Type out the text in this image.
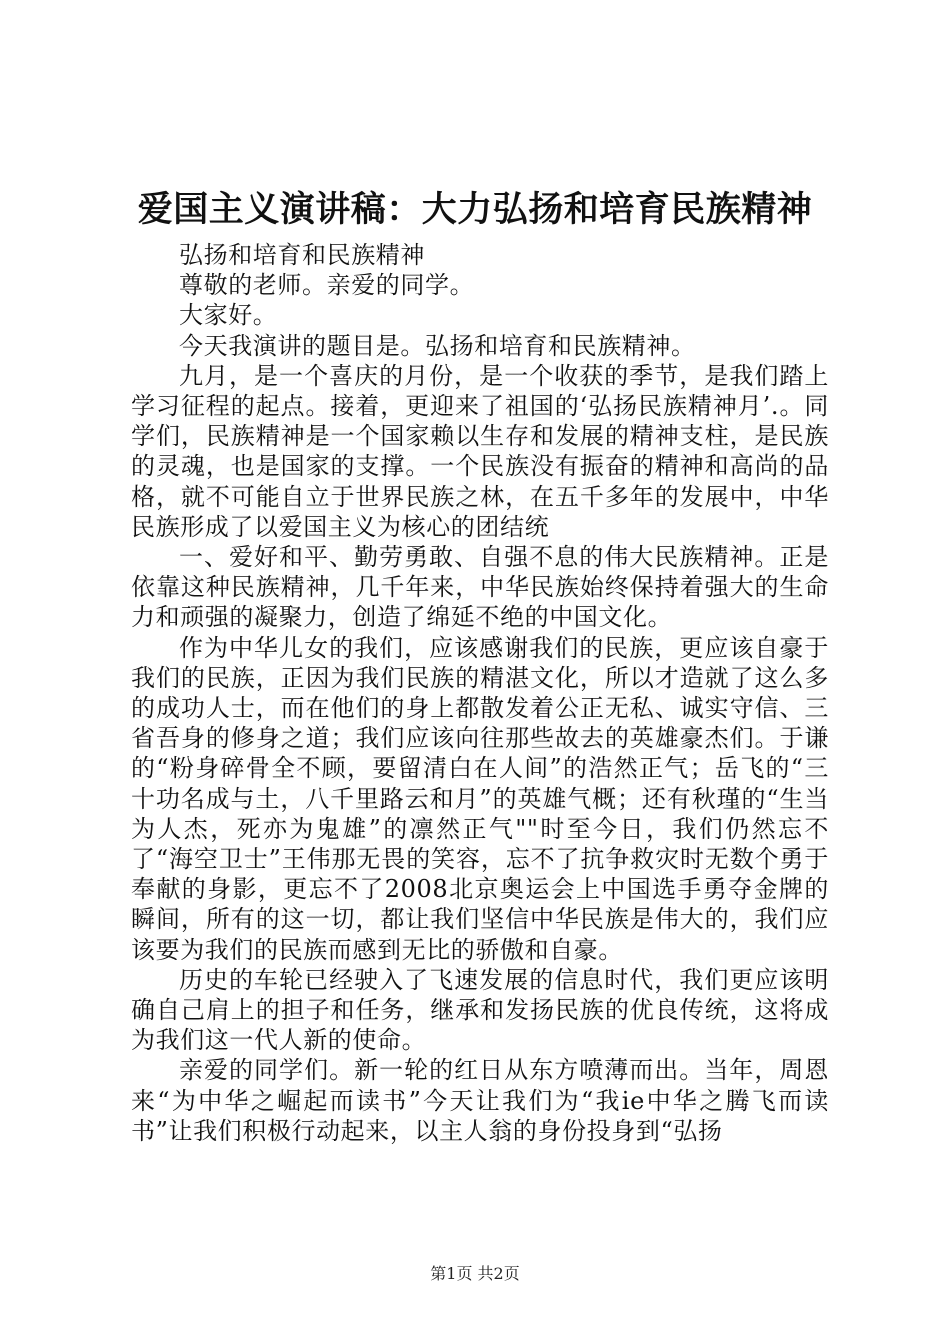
爱国主义演讲稿：大力弘扬和培育民族精神

弘扬和培育和民族精神

尊敬的老师。亲爱的同学。

大家好。

今天我演讲的题目是。弘扬和培育和民族精神。

九月，是一个喜庆的月份，是一个收获的季节，是我们踏上学习征程的起点。接着，更迎来了祖国的‘弘扬民族精神月’.。同学们，民族精神是一个国家赖以生存和发展的精神支柱，是民族的灵魂，也是国家的支撑。一个民族没有振奋的精神和高尚的品格，就不可能自立于世界民族之林，在五千多年的发展中，中华民族形成了以爱国主义为核心的团结统

一、爱好和平、勤劳勇敢、自强不息的伟大民族精神。正是依靠这种民族精神，几千年来，中华民族始终保持着强大的生命力和顽强的凝聚力，创造了绵延不绝的中国文化。

作为中华儿女的我们，应该感谢我们的民族，更应该自豪于我们的民族，正因为我们民族的精湛文化，所以才造就了这么多的成功人士，而在他们的身上都散发着公正无私、诚实守信、三省吾身的修身之道；我们应该向往那些故去的英雄豪杰们。于谦的“粉身碎骨全不顾，要留清白在人间”的浩然正气；岳飞的“三十功名成与土，八千里路云和月”的英雄气概；还有秋瑾的“生当为人杰，死亦为鬼雄”的凛然正气""时至今日，我们仍然忘不了“海空卫士”王伟那无畏的笑容，忘不了抗争救灾时无数个勇于奉献的身影，更忘不了2008北京奥运会上中国选手勇夺金牌的瞬间，所有的这一切，都让我们坚信中华民族是伟大的，我们应该要为我们的民族而感到无比的骄傲和自豪。

历史的车轮已经驶入了飞速发展的信息时代，我们更应该明确自己肩上的担子和任务，继承和发扬民族的优良传统，这将成为我们这一代人新的使命。

亲爱的同学们。新一轮的红日从东方喷薄而出。当年，周恩来“为中华之崛起而读书”今天让我们为“我ie中华之腾飞而读书”让我们积极行动起来，以主人翁的身份投身到“弘扬

第1页 共2页
